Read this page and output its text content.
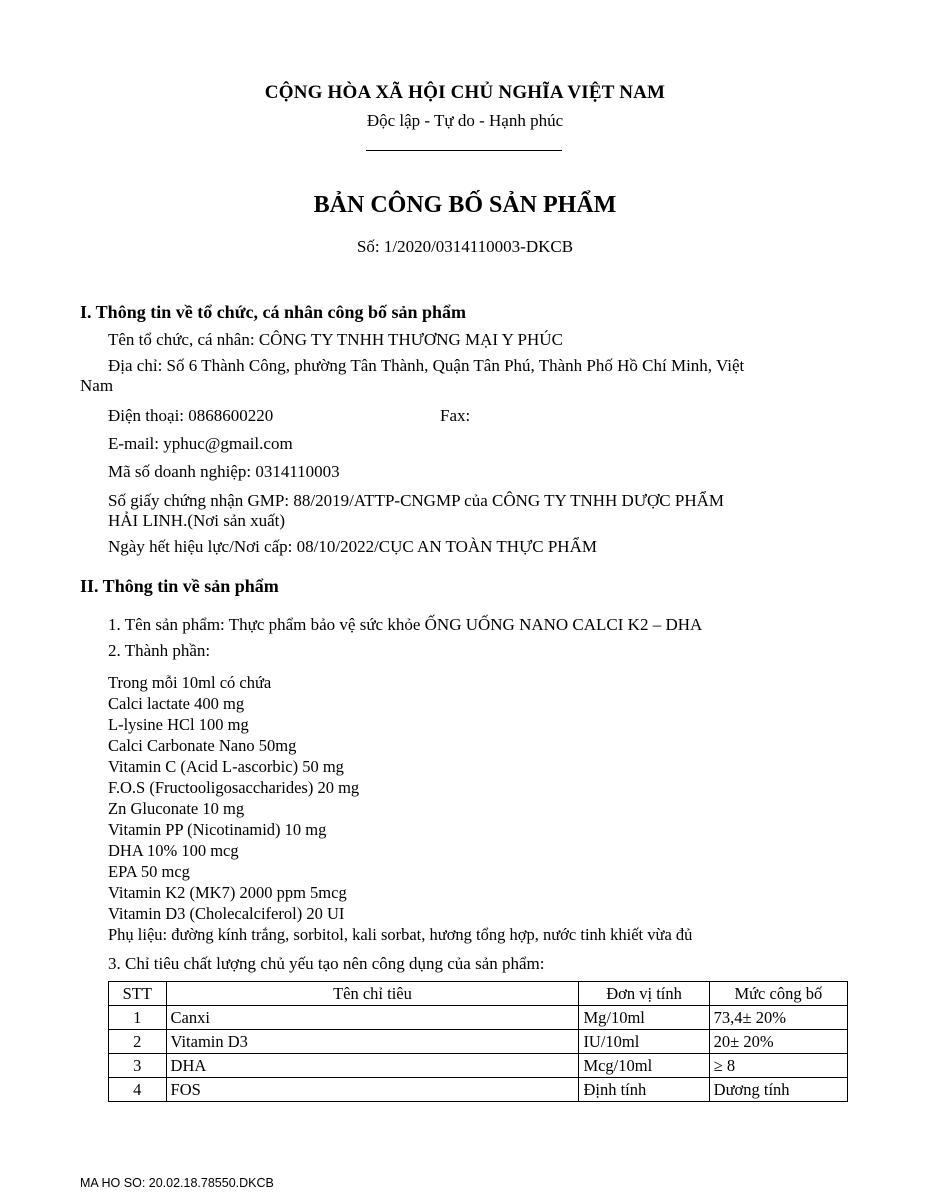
CỘNG HÒA XÃ HỘI CHỦ NGHĨA VIỆT NAM
Độc lập - Tự do - Hạnh phúc
BẢN CÔNG BỐ SẢN PHẨM
Số: 1/2020/0314110003-DKCB
I. Thông tin về tổ chức, cá nhân công bố sản phẩm
Tên tổ chức, cá nhân: CÔNG TY TNHH THƯƠNG MẠI Y PHÚC
Địa chỉ: Số 6 Thành Công, phường Tân Thành, Quận Tân Phú, Thành Phố Hồ Chí Minh, Việt
Nam
Điện thoại: 0868600220	Fax:
E-mail: yphuc@gmail.com
Mã số doanh nghiệp: 0314110003
Số giấy chứng nhận GMP: 88/2019/ATTP-CNGMP của CÔNG TY TNHH DƯỢC PHẨM
HẢI LINH.(Nơi sản xuất)
Ngày hết hiệu lực/Nơi cấp: 08/10/2022/CỤC AN TOÀN THỰC PHẨM
II. Thông tin về sản phẩm
1. Tên sản phẩm: Thực phẩm bảo vệ sức khỏe ỐNG UỐNG NANO CALCI K2 – DHA
2. Thành phần:
Trong mỗi 10ml có chứa
Calci lactate 400 mg
L-lysine HCl 100 mg
Calci Carbonate Nano 50mg
Vitamin C (Acid L-ascorbic) 50 mg
F.O.S (Fructooligosaccharides) 20 mg
Zn Gluconate 10 mg
Vitamin PP (Nicotinamid) 10 mg
DHA 10% 100 mcg
EPA 50 mcg
Vitamin K2 (MK7) 2000 ppm 5mcg
Vitamin D3 (Cholecalciferol) 20 UI
Phụ liệu: đường kính trắng, sorbitol, kali sorbat, hương tổng hợp, nước tinh khiết vừa đủ
3. Chỉ tiêu chất lượng chủ yếu tạo nên công dụng của sản phẩm:
STT	Tên chỉ tiêu	Đơn vị tính	Mức công bố
1	Canxi	Mg/10ml	73,4± 20%
2	Vitamin D3	IU/10ml	20± 20%
3	DHA	Mcg/10ml	≥ 8
4	FOS	Định tính	Dương tính
MA HO SO: 20.02.18.78550.DKCB
